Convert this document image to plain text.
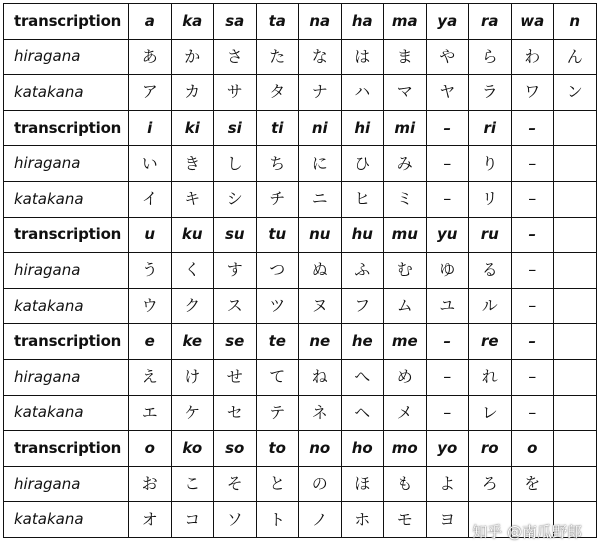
transcription	a	ka	sa	ta	na	ha	ma	ya	ra	wa	n
hiragana	あ	か	さ	た	な	は	ま	や	ら	わ	ん
katakana	ア	カ	サ	タ	ナ	ハ	マ	ヤ	ラ	ワ	ン
transcription	i	ki	si	ti	ni	hi	mi	–	ri	–	
hiragana	い	き	し	ち	に	ひ	み	–	り	–	
katakana	イ	キ	シ	チ	ニ	ヒ	ミ	–	リ	–	
transcription	u	ku	su	tu	nu	hu	mu	yu	ru	–	
hiragana	う	く	す	つ	ぬ	ふ	む	ゆ	る	–	
katakana	ウ	ク	ス	ツ	ヌ	フ	ム	ユ	ル	–	
transcription	e	ke	se	te	ne	he	me	–	re	–	
hiragana	え	け	せ	て	ね	へ	め	–	れ	–	
katakana	エ	ケ	セ	テ	ネ	ヘ	メ	–	レ	–	
transcription	o	ko	so	to	no	ho	mo	yo	ro	o	
hiragana	お	こ	そ	と	の	ほ	も	よ	ろ	を	
katakana	オ	コ	ソ	ト	ノ	ホ	モ	ヨ			
知乎 @南瓜野郎
